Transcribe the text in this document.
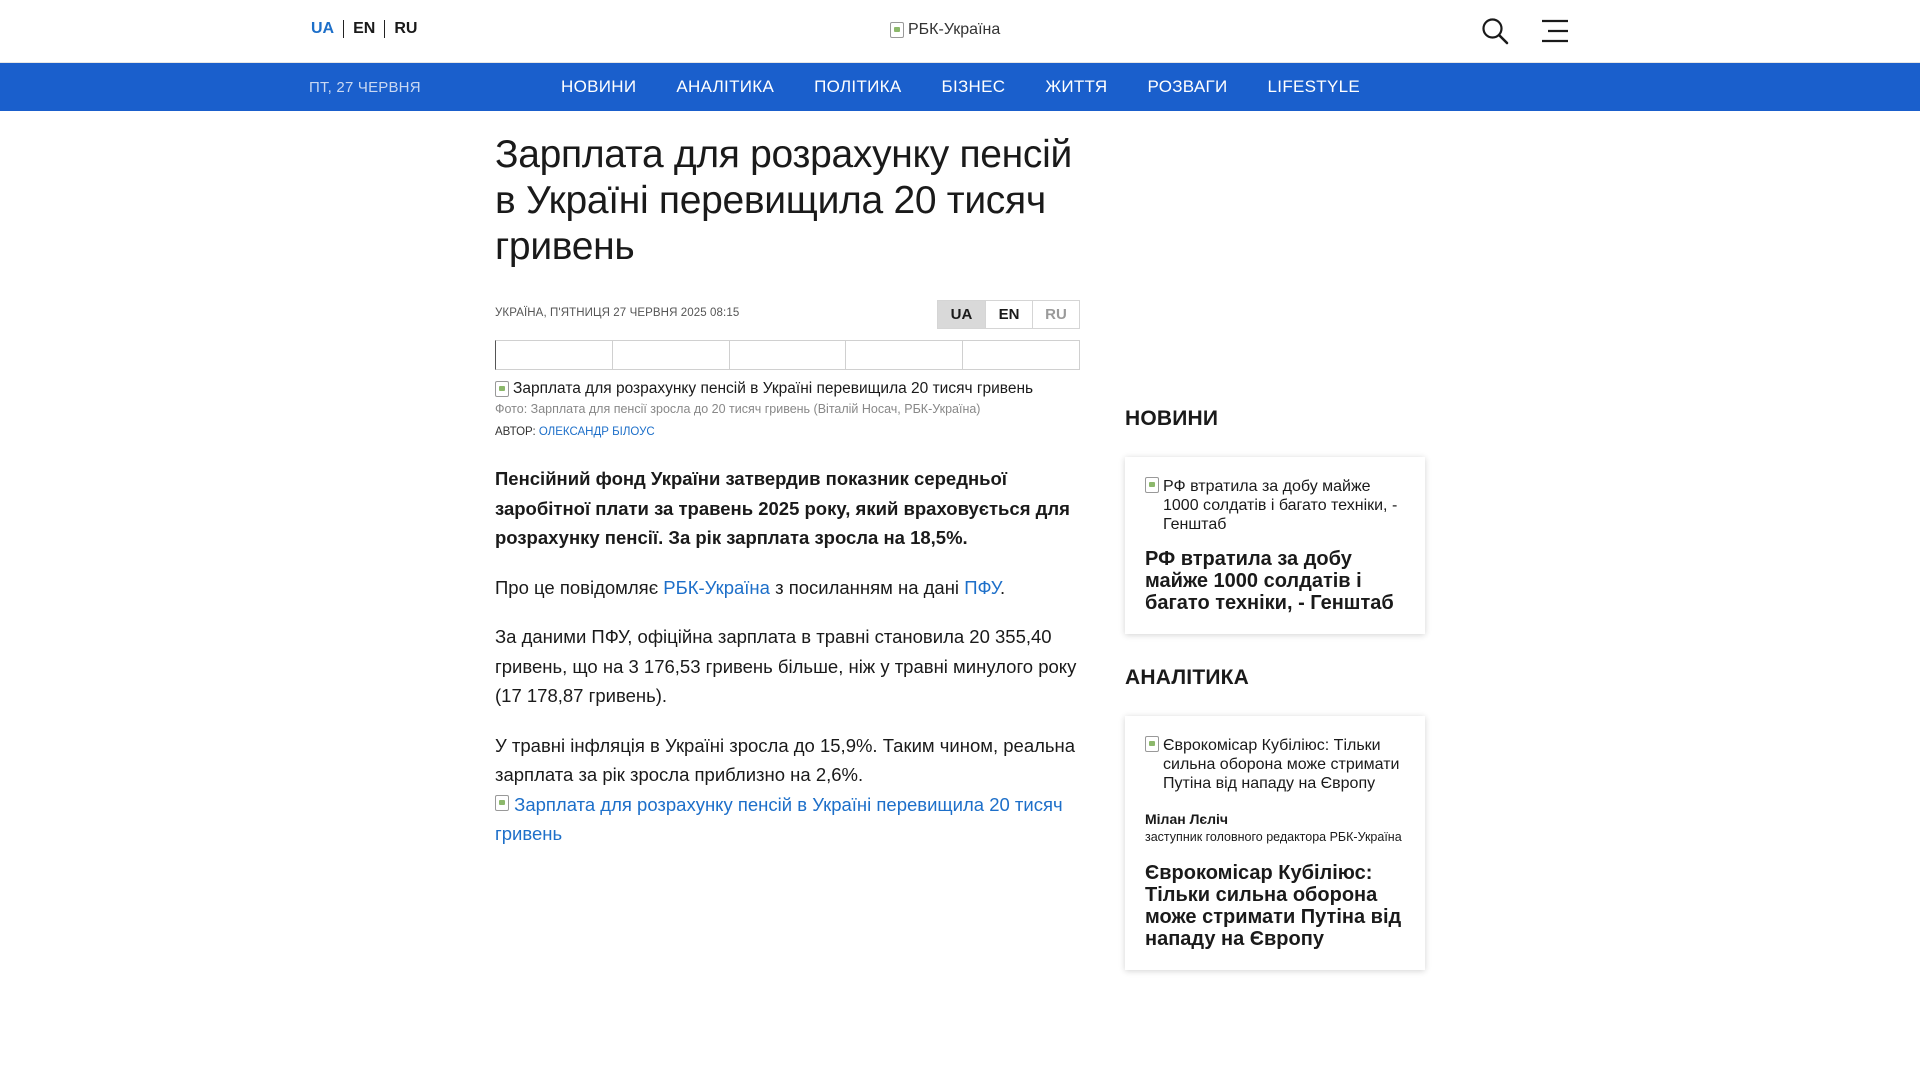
UA	EN	RU	РБК-Україна
ПТ, 27 ЧЕРВНЯ	НОВИНИ АНАЛІТИКА ПОЛІТИКА БІЗНЕС ЖИТТЯ РОЗВАГИ LIFESTYLE
Зарплата для розрахунку пенсій в Україні перевищила 20 тисяч гривень
УКРАЇНА, П'ЯТНИЦЯ 27 ЧЕРВНЯ 2025 08:15	UA	EN	RU
Зарплата для розрахунку пенсій в Україні перевищила 20 тисяч гривень
Фото: Зарплата для пенсії зросла до 20 тисяч гривень (Віталій Носач, РБК-Україна)
АВТОР: ОЛЕКСАНДР БІЛОУС

Пенсійний фонд України затвердив показник середньої заробітної плати за травень 2025 року, який враховується для розрахунку пенсії. За рік зарплата зросла на 18,5%.

Про це повідомляє РБК-Україна з посиланням на дані ПФУ.

За даними ПФУ, офіційна зарплата в травні становила 20 355,40 гривень, що на 3 176,53 гривень більше, ніж у травні минулого року (17 178,87 гривень).

У травні інфляція в Україні зросла до 15,9%. Таким чином, реальна зарплата за рік зросла приблизно на 2,6%.

Зарплата для розрахунку пенсій в Україні перевищила 20 тисяч гривень
НОВИНИ
РФ втратила за добу майже 1000 солдатів і багато техніки, - Генштаб
РФ втратила за добу майже 1000 солдатів і багато техніки, - Генштаб
АНАЛІТИКА
Єврокомісар Кубіліюс: Тільки сильна оборона може стримати Путіна від нападу на Європу
Мілан Лєліч
заступник головного редактора РБК-Україна
Єврокомісар Кубіліюс: Тільки сильна оборона може стримати Путіна від нападу на Європу
